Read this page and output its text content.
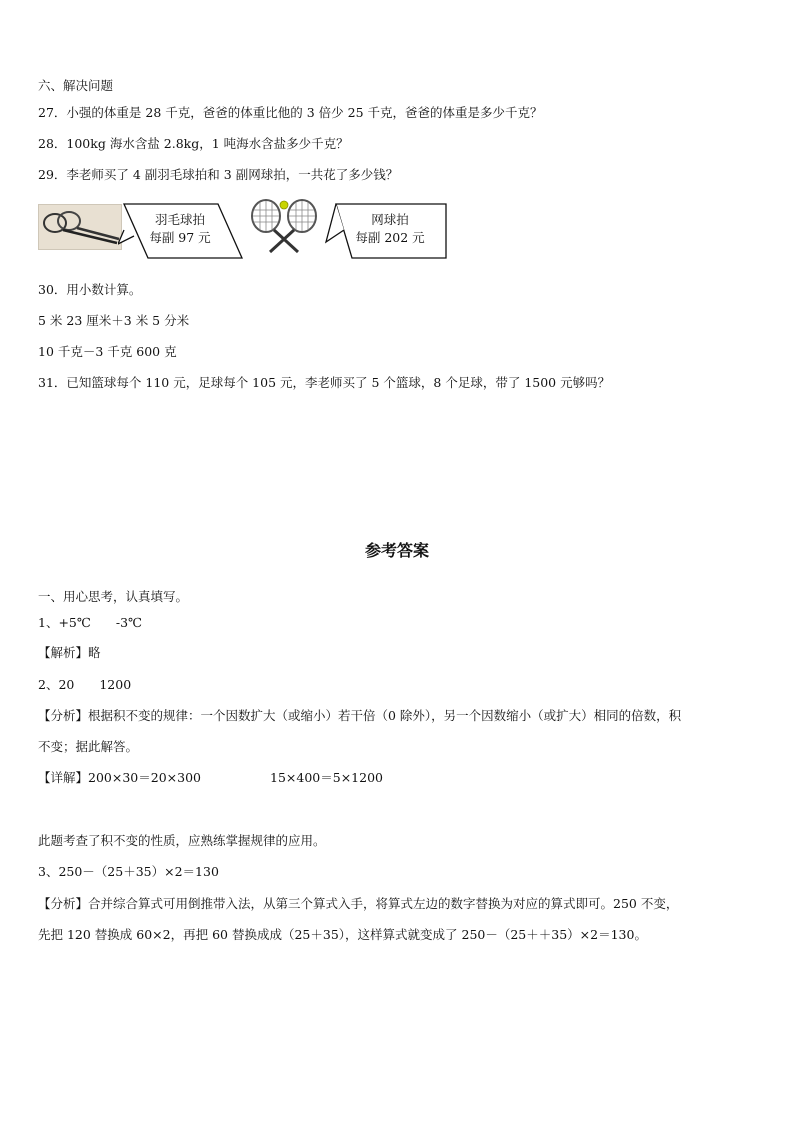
六、解决问题
27．小强的体重是 28 千克，爸爸的体重比他的 3 倍少 25 千克，爸爸的体重是多少千克？
28．100kg 海水含盐 2.8kg，1 吨海水含盐多少千克？
29．李老师买了 4 副羽毛球拍和 3 副网球拍，一共花了多少钱？
羽毛球拍
每副 97 元
网球拍
每副 202 元
30．用小数计算。
5 米 23 厘米＋3 米 5 分米
10 千克－3 千克 600 克
31．已知篮球每个 110 元，足球每个 105 元，李老师买了 5 个篮球，8 个足球，带了 1500 元够吗？
参考答案
一、用心思考，认真填写。
1、+5℃　　-3℃
【解析】略
2、20　　1200
【分析】根据积不变的规律：一个因数扩大（或缩小）若干倍（0 除外），另一个因数缩小（或扩大）相同的倍数，积
不变；据此解答。
【详解】200×30＝20×300	15×400＝5×1200
此题考查了积不变的性质，应熟练掌握规律的应用。
3、250－（25＋35）×2＝130
【分析】合并综合算式可用倒推带入法，从第三个算式入手，将算式左边的数字替换为对应的算式即可。250 不变，
先把 120 替换成 60×2，再把 60 替换成成（25＋35），这样算式就变成了 250－（25＋＋35）×2＝130。
